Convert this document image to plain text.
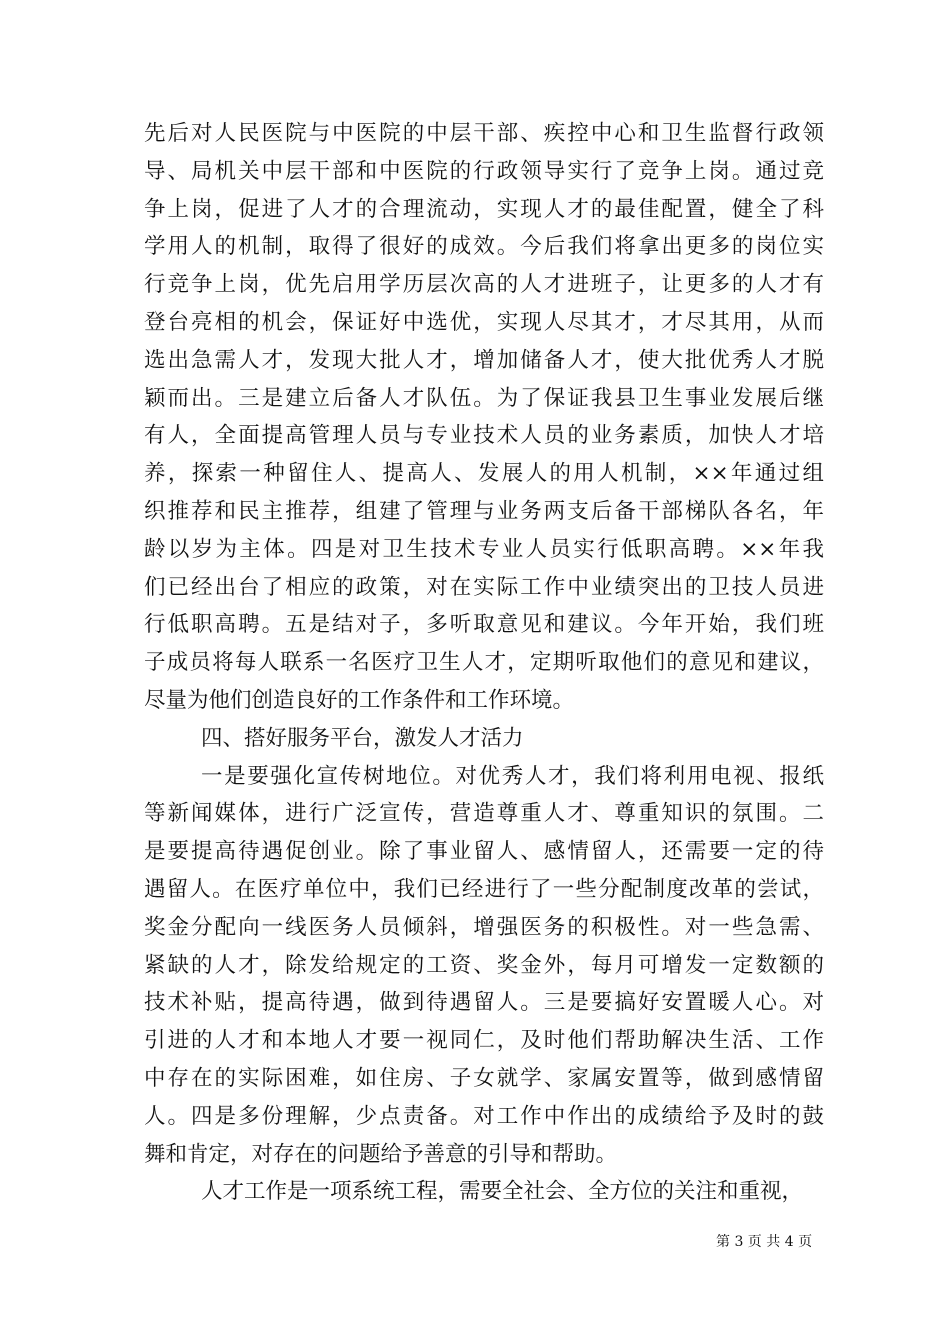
先后对人民医院与中医院的中层干部、疾控中心和卫生监督行政领
导、局机关中层干部和中医院的行政领导实行了竞争上岗。通过竞
争上岗，促进了人才的合理流动，实现人才的最佳配置，健全了科
学用人的机制，取得了很好的成效。今后我们将拿出更多的岗位实
行竞争上岗，优先启用学历层次高的人才进班子，让更多的人才有
登台亮相的机会，保证好中选优，实现人尽其才，才尽其用，从而
选出急需人才，发现大批人才，增加储备人才，使大批优秀人才脱
颖而出。三是建立后备人才队伍。为了保证我县卫生事业发展后继
有人，全面提高管理人员与专业技术人员的业务素质，加快人才培
养，探索一种留住人、提高人、发展人的用人机制，××年通过组
织推荐和民主推荐，组建了管理与业务两支后备干部梯队各名，年
龄以岁为主体。四是对卫生技术专业人员实行低职高聘。××年我
们已经出台了相应的政策，对在实际工作中业绩突出的卫技人员进
行低职高聘。五是结对子，多听取意见和建议。今年开始，我们班
子成员将每人联系一名医疗卫生人才，定期听取他们的意见和建议，
尽量为他们创造良好的工作条件和工作环境。
四、搭好服务平台，激发人才活力
一是要强化宣传树地位。对优秀人才，我们将利用电视、报纸
等新闻媒体，进行广泛宣传，营造尊重人才、尊重知识的氛围。二
是要提高待遇促创业。除了事业留人、感情留人，还需要一定的待
遇留人。在医疗单位中，我们已经进行了一些分配制度改革的尝试，
奖金分配向一线医务人员倾斜，增强医务的积极性。对一些急需、
紧缺的人才，除发给规定的工资、奖金外，每月可增发一定数额的
技术补贴，提高待遇，做到待遇留人。三是要搞好安置暖人心。对
引进的人才和本地人才要一视同仁，及时他们帮助解决生活、工作
中存在的实际困难，如住房、子女就学、家属安置等，做到感情留
人。四是多份理解，少点责备。对工作中作出的成绩给予及时的鼓
舞和肯定，对存在的问题给予善意的引导和帮助。
人才工作是一项系统工程，需要全社会、全方位的关注和重视，
第 3 页 共 4 页
